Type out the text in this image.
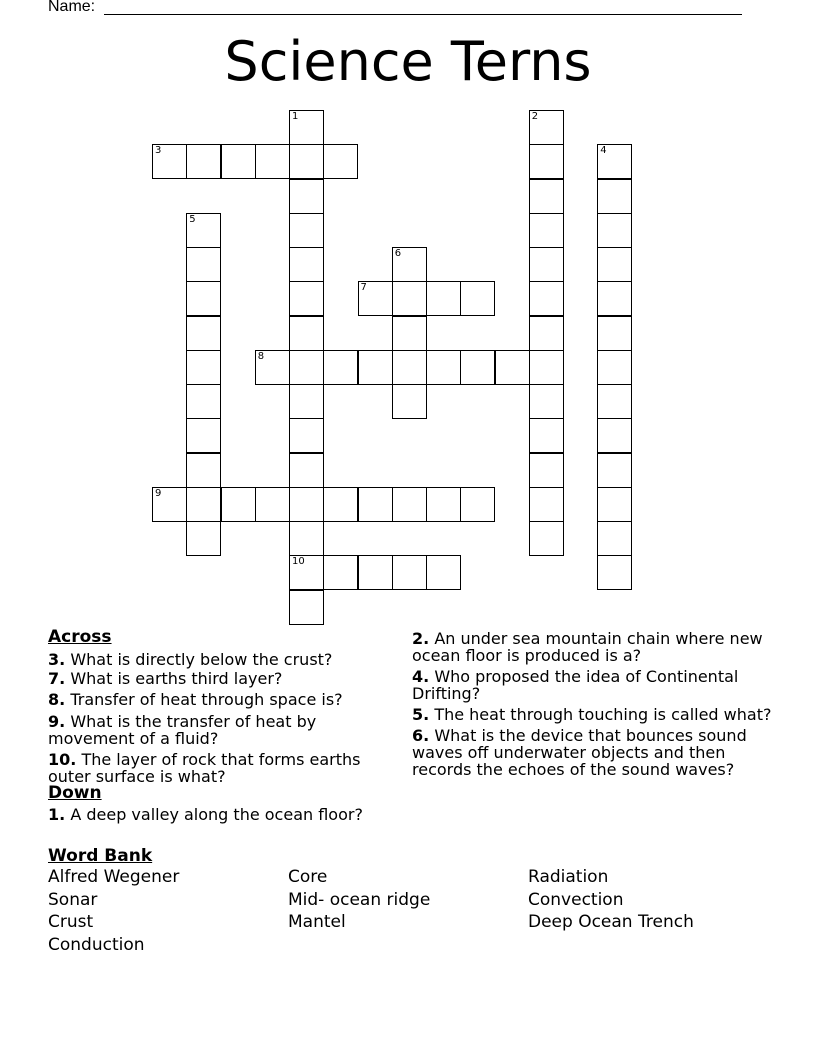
Name:
Science Terns
1	2
3	4
5
6
7
8
9
10
Across
3. What is directly below the crust?
7. What is earths third layer?
8. Transfer of heat through space is?
9. What is the transfer of heat by movement of a fluid?
10. The layer of rock that forms earths outer surface is what?
Down
1. A deep valley along the ocean floor?
2. An under sea mountain chain where new ocean floor is produced is a?
4. Who proposed the idea of Continental Drifting?
5. The heat through touching is called what?
6. What is the device that bounces sound waves off underwater objects and then records the echoes of the sound waves?
Word Bank
Alfred Wegener	Core	Radiation
Sonar	Mid- ocean ridge	Convection
Crust	Mantel	Deep Ocean Trench
Conduction
